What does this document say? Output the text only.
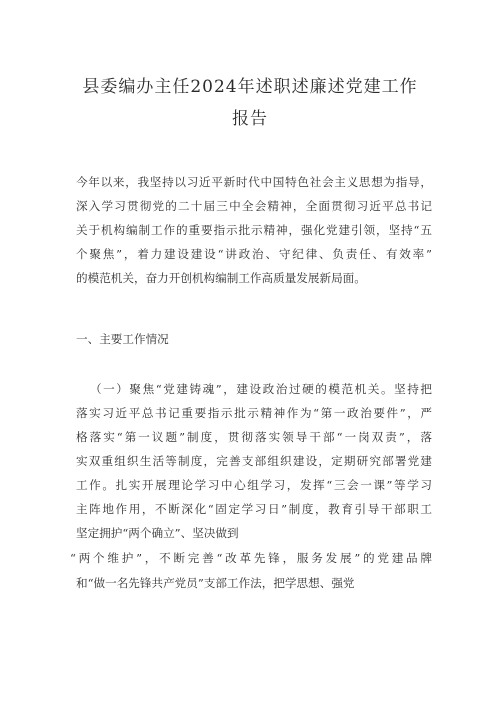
县委编办主任2024年述职述廉述党建工作
报告
今年以来，我坚持以习近平新时代中国特色社会主义思想为指导，
深入学习贯彻党的二十届三中全会精神，全面贯彻习近平总书记
关于机构编制工作的重要指示批示精神，强化党建引领，坚持“五
个聚焦”，着力建设建设“讲政治、守纪律、负责任、有效率”
的模范机关，奋力开创机构编制工作高质量发展新局面。
一、主要工作情况
（一）聚焦“党建铸魂”，建设政治过硬的模范机关。坚持把
落实习近平总书记重要指示批示精神作为“第一政治要件”，严
格落实“第一议题”制度，贯彻落实领导干部“一岗双责”，落
实双重组织生活等制度，完善支部组织建设，定期研究部署党建
工作。扎实开展理论学习中心组学习，发挥“三会一课”等学习
主阵地作用，不断深化“固定学习日”制度，教育引导干部职工
坚定拥护“两个确立”、坚决做到
“两个维护”，不断完善“改革先锋，服务发展”的党建品牌
和“做一名先锋共产党员”支部工作法，把学思想、强党
